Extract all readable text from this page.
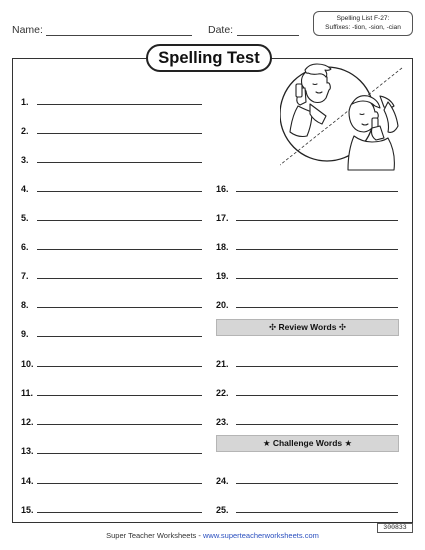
Name:	Date:
Spelling List F-27:
Suffixes: -tion, -sion, -cian
Spelling Test
1.
2.
3.
4.
5.
6.
7.
8.
9.
10.
11.
12.
13.
14.
15.
16.
17.
18.
19.
20.
21.
22.
23.
24.
25.
✣ Review Words ✣
★ Challenge Words ★
Super Teacher Worksheets - www.superteacherworksheets.com
300833
